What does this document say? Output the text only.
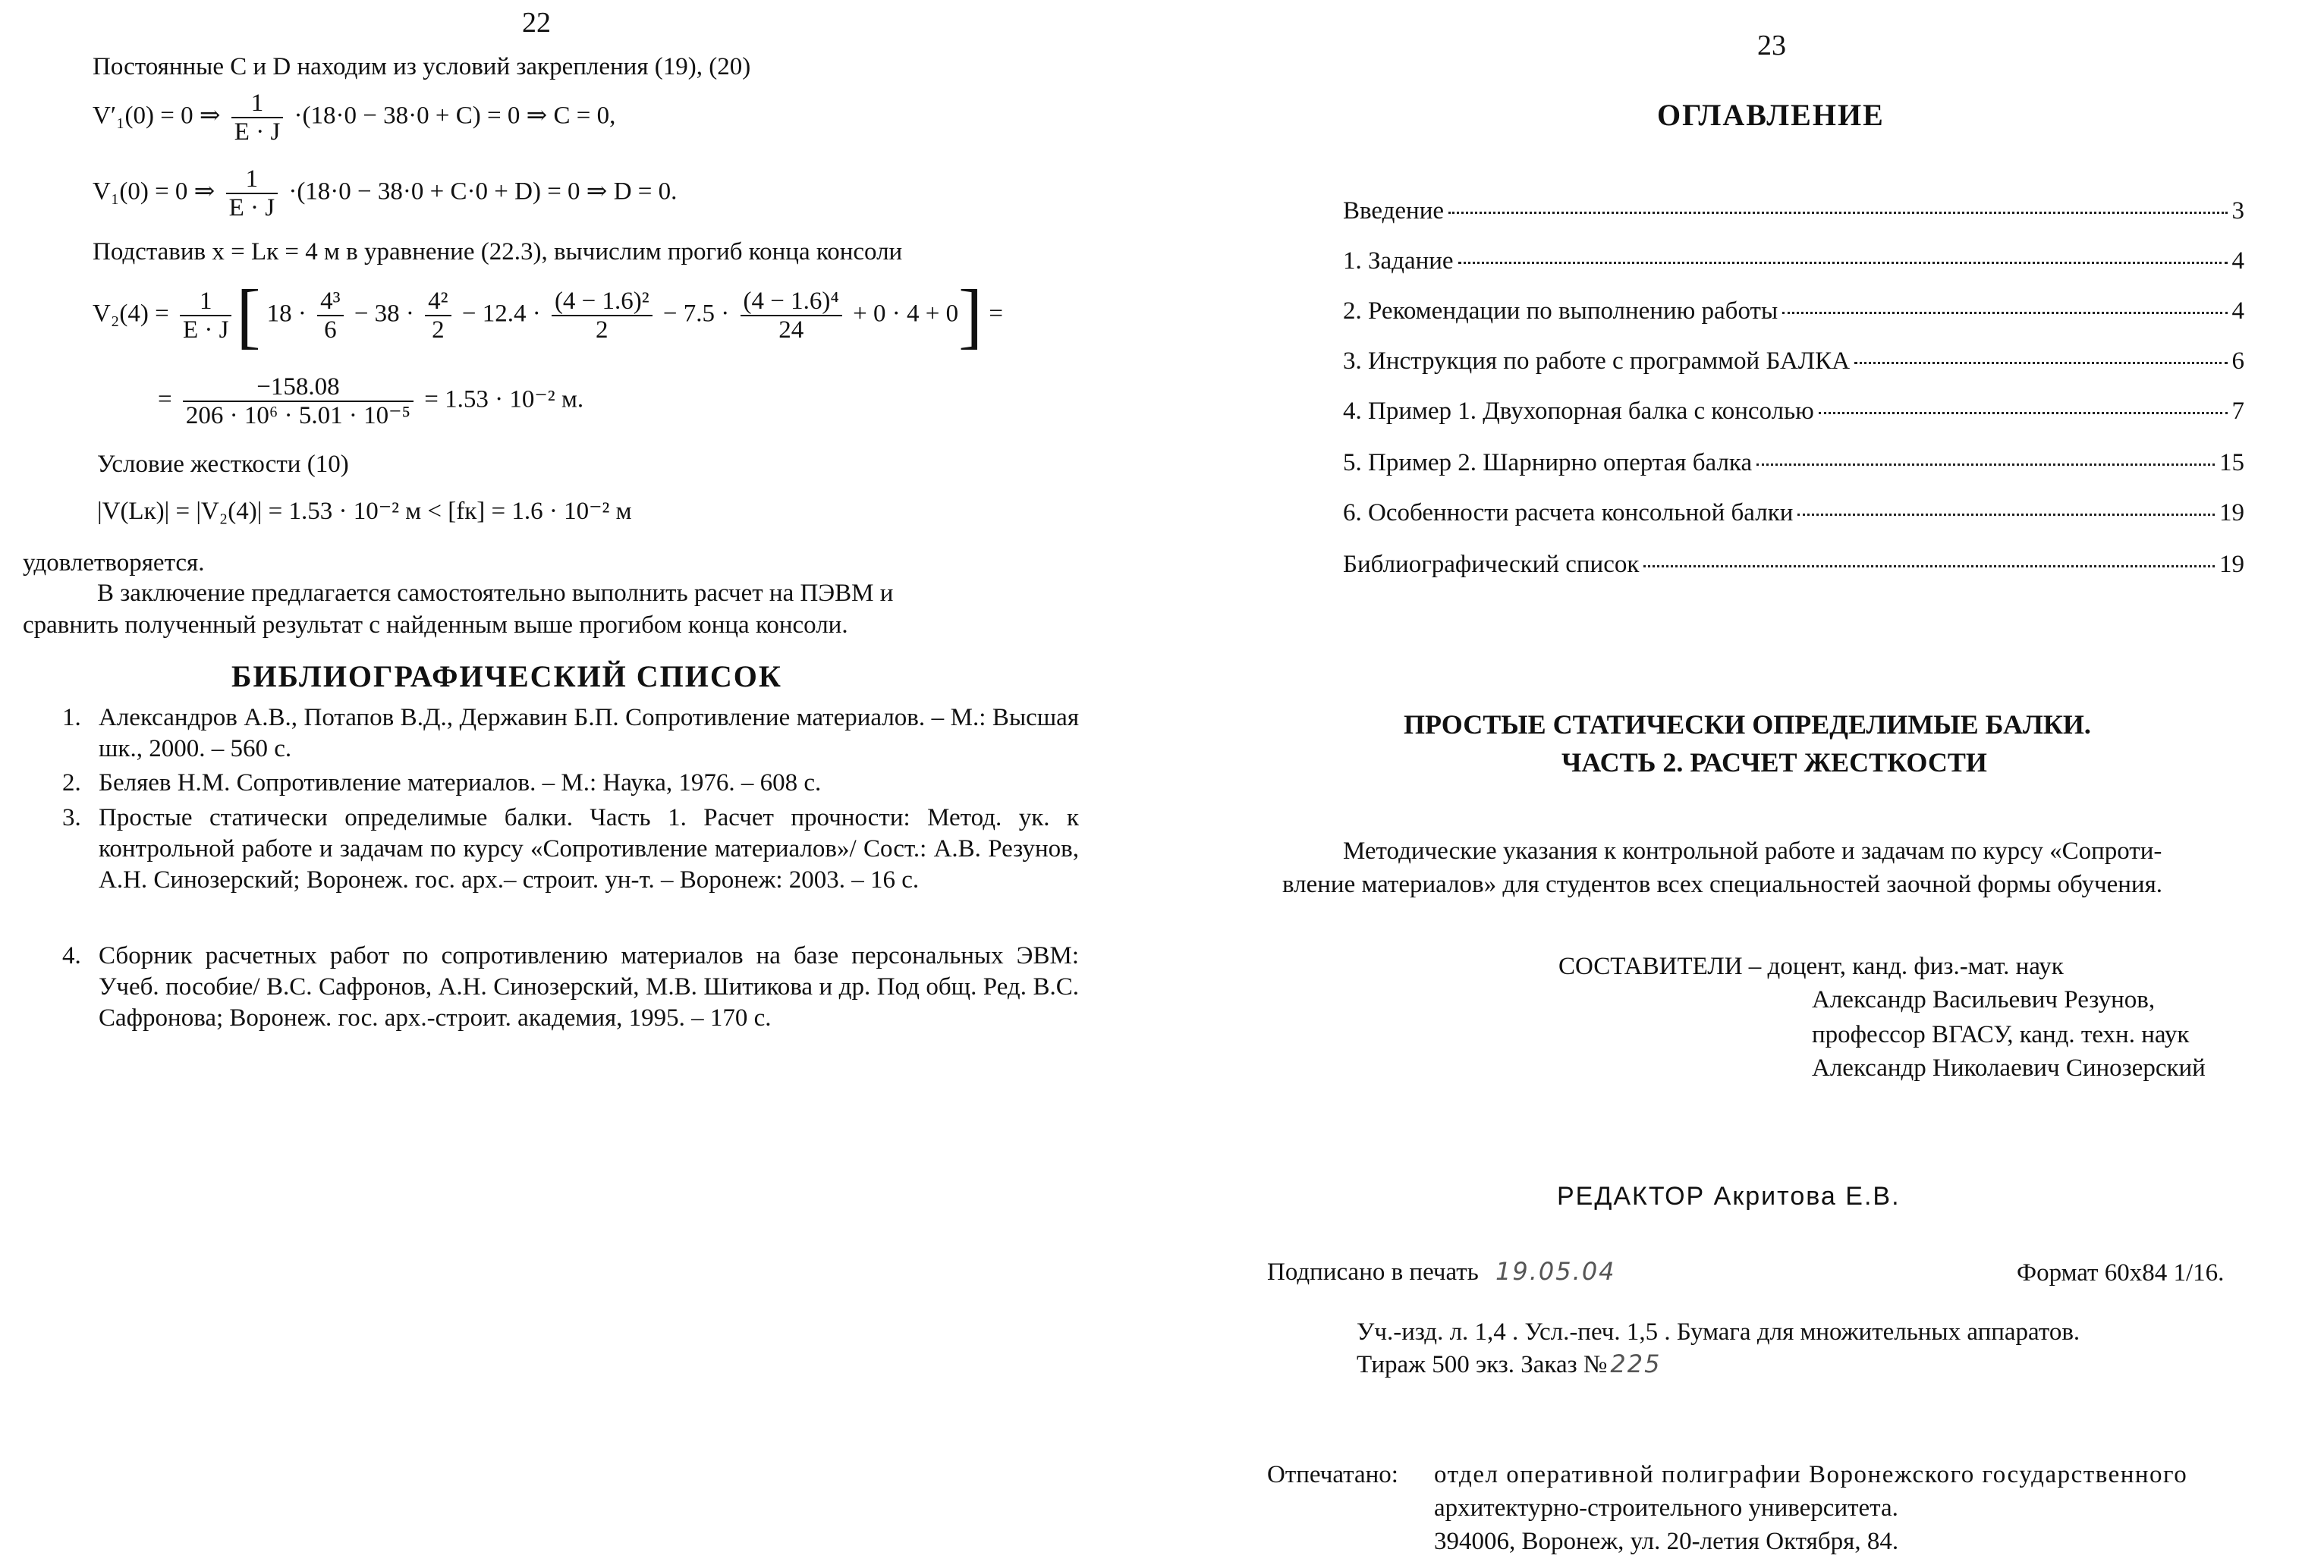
22
Постоянные C и D находим из условий закрепления (19), (20)
V′₁(0) = 0 ⇒ $\frac{1}{E \cdot J} \cdot(18\cdot 0 - 38\cdot 0 + C) = 0$ ⇒ C = 0,
V₁(0) = 0 ⇒ $\frac{1}{E \cdot J} \cdot(18\cdot 0 - 38\cdot 0 + C\cdot 0 + D) = 0$ ⇒ D = 0.
Подставив x = Lк = 4 м в уравнение (22.3), вычислим прогиб конца консоли
$V_2(4) = \frac{1}{E \cdot J}$ [ $18 \cdot \frac{\text{4³}}{6} - 38 \cdot \frac{\text{4²}}{2} - 12.4 \cdot \frac{\text{(4 − 1.6)²}}{2} - 7.5 \cdot \frac{\text{(4 − 1.6)⁴}}{24} + 0 \cdot 4 + 0$] =
= $\frac{-158.08}{\text{206 · 10⁶ · 5.01 · 10⁻⁵}} = 1.53 \cdot 10^{-2}$ м.
Условие жесткости (10)
|V(Lк)| = |V₂(4)| = 1.53 · 10⁻² м < [fк] = 1.6 · 10⁻² м
удовлетворяется.
В заключение предлагается самостоятельно выполнить расчет на ПЭВМ и
сравнить полученный результат с найденным выше прогибом конца консоли.
БИБЛИОГРАФИЧЕСКИЙ СПИСОК
1. Александров А.В., Потапов В.Д., Державин Б.П. Сопротивление материалов. – М.: Высшая шк., 2000. – 560 с.
2. Беляев Н.М. Сопротивление материалов. – М.: Наука, 1976. – 608 с.
3. Простые статически определимые балки. Часть 1. Расчет прочности: Метод. ук. к контрольной работе и задачам по курсу «Сопротивление материалов»/ Сост.: А.В. Резунов, А.Н. Синозерский; Воронеж. гос. арх.– строит. ун-т. – Воронеж: 2003. – 16 с.
4. Сборник расчетных работ по сопротивлению материалов на базе персональных ЭВМ: Учеб. пособие/ В.С. Сафронов, А.Н. Синозерский, М.В. Шитикова и др. Под общ. Ред. В.С. Сафронова; Воронеж. гос. арх.-строит. академия, 1995. – 170 с.
23
ОГЛАВЛЕНИЕ
Введение	3
1. Задание	4
2. Рекомендации по выполнению работы	4
3. Инструкция по работе с программой БАЛКА	6
4. Пример 1. Двухопорная балка с консолью	7
5. Пример 2. Шарнирно опертая балка	15
6. Особенности расчета консольной балки	19
Библиографический список	19
ПРОСТЫЕ СТАТИЧЕСКИ ОПРЕДЕЛИМЫЕ БАЛКИ.
ЧАСТЬ 2. РАСЧЕТ ЖЕСТКОСТИ
Методические указания к контрольной работе и задачам по курсу «Сопроти-
вление материалов» для студентов всех специальностей заочной формы обучения.
СОСТАВИТЕЛИ – доцент, канд. физ.-мат. наук
Александр Васильевич Резунов,
профессор ВГАСУ, канд. техн. наук
Александр Николаевич Синозерский
РЕДАКТОР Акритова Е.В.
Подписано в печать 19.05.04	Формат 60х84 1/16.
Уч.-изд. л. 1,4 . Усл.-печ. 1,5 . Бумага для множительных аппаратов.
Тираж 500 экз. Заказ № 225
Отпечатано: отдел оперативной полиграфии Воронежского государственного
архитектурно-строительного университета.
394006, Воронеж, ул. 20-летия Октября, 84.
